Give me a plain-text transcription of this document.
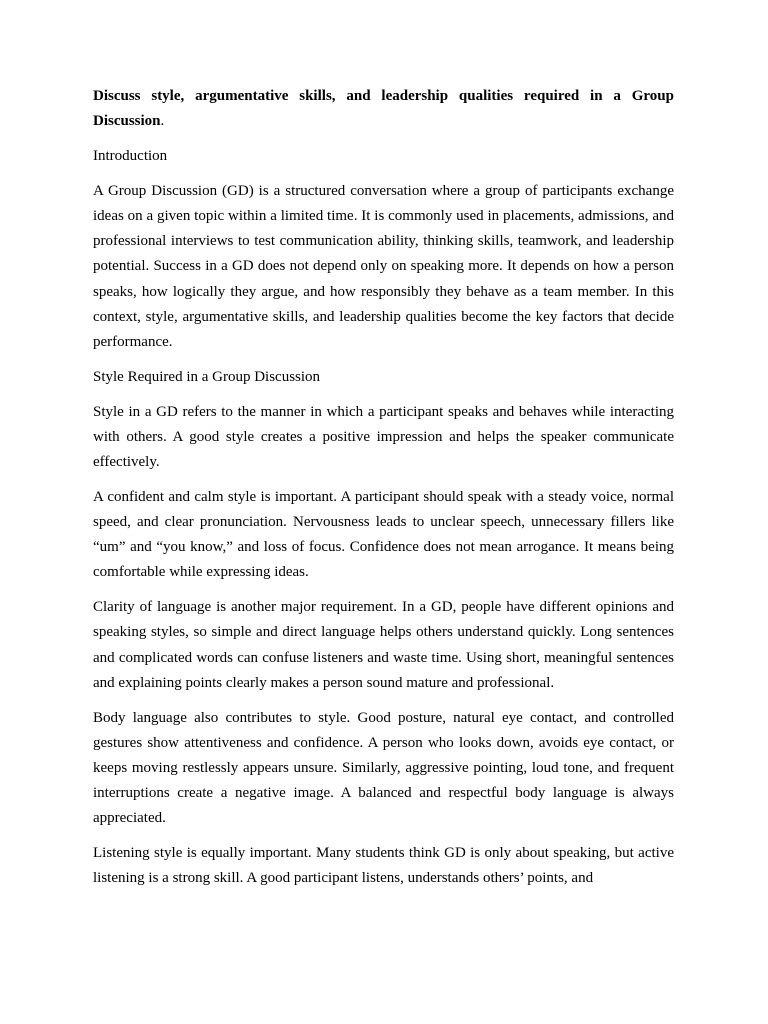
Discuss style, argumentative skills, and leadership qualities required in a Group Discussion.

Introduction

A Group Discussion (GD) is a structured conversation where a group of participants exchange ideas on a given topic within a limited time. It is commonly used in placements, admissions, and professional interviews to test communication ability, thinking skills, teamwork, and leadership potential. Success in a GD does not depend only on speaking more. It depends on how a person speaks, how logically they argue, and how responsibly they behave as a team member. In this context, style, argumentative skills, and leadership qualities become the key factors that decide performance.

Style Required in a Group Discussion

Style in a GD refers to the manner in which a participant speaks and behaves while interacting with others. A good style creates a positive impression and helps the speaker communicate effectively.

A confident and calm style is important. A participant should speak with a steady voice, normal speed, and clear pronunciation. Nervousness leads to unclear speech, unnecessary fillers like “um” and “you know,” and loss of focus. Confidence does not mean arrogance. It means being comfortable while expressing ideas.

Clarity of language is another major requirement. In a GD, people have different opinions and speaking styles, so simple and direct language helps others understand quickly. Long sentences and complicated words can confuse listeners and waste time. Using short, meaningful sentences and explaining points clearly makes a person sound mature and professional.

Body language also contributes to style. Good posture, natural eye contact, and controlled gestures show attentiveness and confidence. A person who looks down, avoids eye contact, or keeps moving restlessly appears unsure. Similarly, aggressive pointing, loud tone, and frequent interruptions create a negative image. A balanced and respectful body language is always appreciated.

Listening style is equally important. Many students think GD is only about speaking, but active listening is a strong skill. A good participant listens, understands others’ points, and
